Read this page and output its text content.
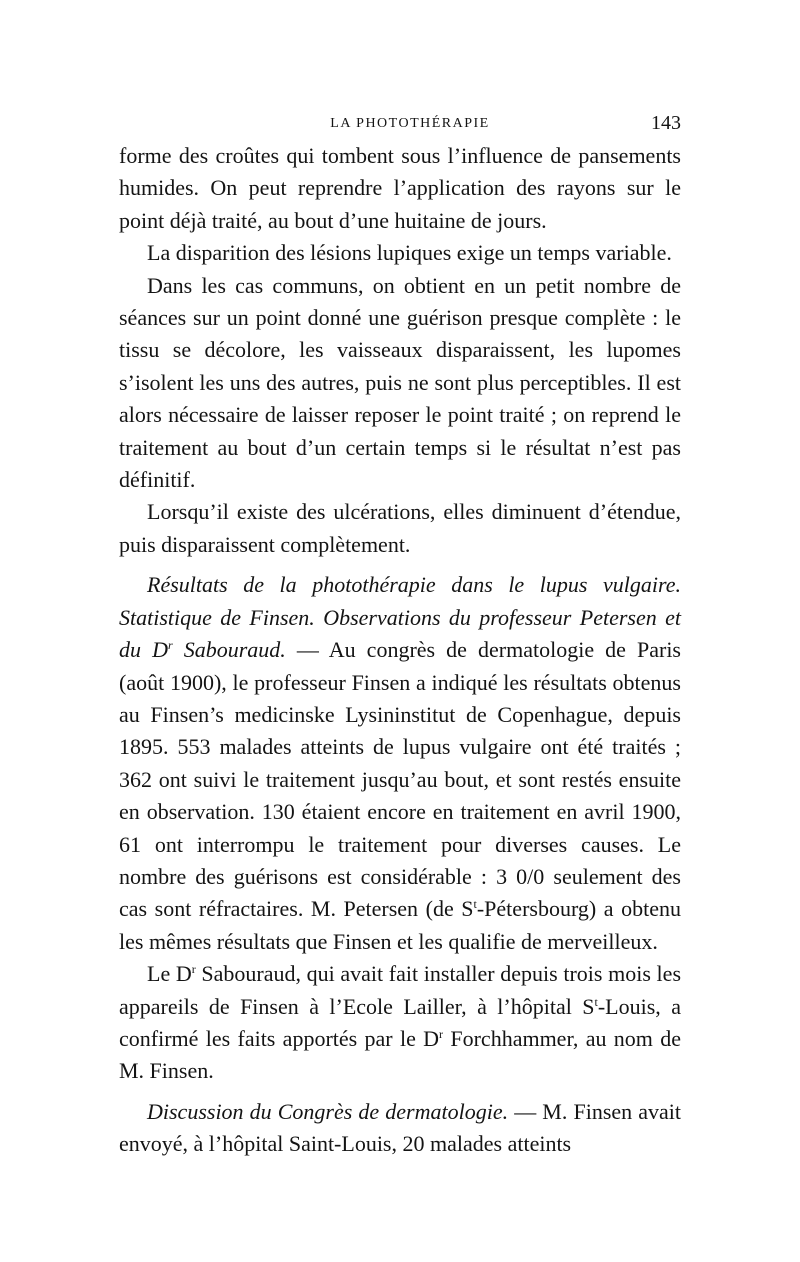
LA PHOTOTHÉRAPIE	143

forme des croûtes qui tombent sous l’influence de pansements humides. On peut reprendre l’application des rayons sur le point déjà traité, au bout d’une huitaine de jours.

La disparition des lésions lupiques exige un temps variable.

Dans les cas communs, on obtient en un petit nombre de séances sur un point donné une guérison presque complète : le tissu se décolore, les vaisseaux disparaissent, les lupomes s’isolent les uns des autres, puis ne sont plus perceptibles. Il est alors nécessaire de laisser reposer le point traité ; on reprend le traitement au bout d’un certain temps si le résultat n’est pas définitif.

Lorsqu’il existe des ulcérations, elles diminuent d’étendue, puis disparaissent complètement.

Résultats de la photothérapie dans le lupus vulgaire. Statistique de Finsen. Observations du professeur Petersen et du $D^r$ Sabouraud. — Au congrès de dermatologie de Paris (août 1900), le professeur Finsen a indiqué les résultats obtenus au Finsen’s medicinske Lysininstitut de Copenhague, depuis 1895. 553 malades atteints de lupus vulgaire ont été traités ; 362 ont suivi le traitement jusqu’au bout, et sont restés ensuite en observation. 130 étaient encore en traitement en avril 1900, 61 ont interrompu le traitement pour diverses causes. Le nombre des guérisons est considérable : 3 0/0 seulement des cas sont réfractaires. M. Petersen (de $S^t-Pétersbourg$) a obtenu les mêmes résultats que Finsen et les qualifie de merveilleux.

Le $D^r$ Sabouraud, qui avait fait installer depuis trois mois les appareils de Finsen à l’Ecole Lailler, à l’hôpital $S^t$-Louis, a confirmé les faits apportés par le $D^r$ Forchhammer, au nom de M. Finsen.

Discussion du Congrès de dermatologie. — M. Finsen avait envoyé, à l’hôpital Saint-Louis, 20 malades atteints
